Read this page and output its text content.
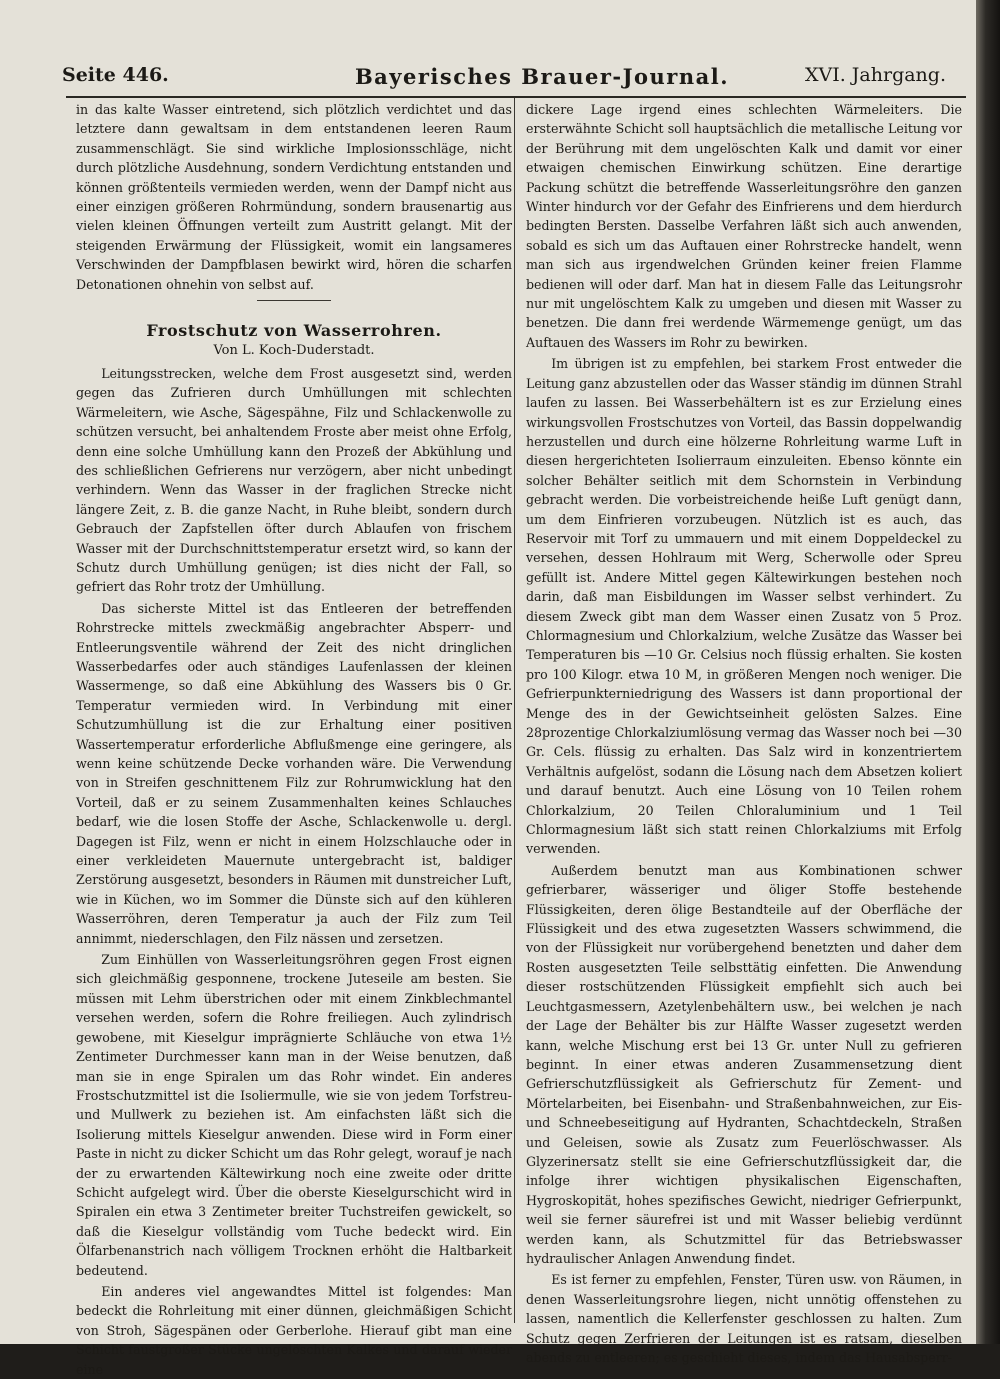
Seite 446.	Bayerisches Brauer-Journal.	XVI. Jahrgang.

in das kalte Wasser eintretend, sich plötzlich verdichtet und das letztere dann gewaltsam in dem entstandenen leeren Raum zusammenschlägt. Sie sind wirkliche Implosionsschläge, nicht durch plötzliche Ausdehnung, sondern Verdichtung entstanden und können größtenteils vermieden werden, wenn der Dampf nicht aus einer einzigen größeren Rohrmündung, sondern brausenartig aus vielen kleinen Öffnungen verteilt zum Austritt gelangt. Mit der steigenden Erwärmung der Flüssigkeit, womit ein langsameres Verschwinden der Dampfblasen bewirkt wird, hören die scharfen Detonationen ohnehin von selbst auf.

Frostschutz von Wasserrohren.
Von L. Koch-Duderstadt.

Leitungsstrecken, welche dem Frost ausgesetzt sind, werden gegen das Zufrieren durch Umhüllungen mit schlechten Wärmeleitern, wie Asche, Sägespähne, Filz und Schlackenwolle zu schützen versucht, bei anhaltendem Froste aber meist ohne Erfolg, denn eine solche Umhüllung kann den Prozeß der Abkühlung und des schließlichen Gefrierens nur verzögern, aber nicht unbedingt verhindern. Wenn das Wasser in der fraglichen Strecke nicht längere Zeit, z. B. die ganze Nacht, in Ruhe bleibt, sondern durch Gebrauch der Zapfstellen öfter durch Ablaufen von frischem Wasser mit der Durchschnittstemperatur ersetzt wird, so kann der Schutz durch Umhüllung genügen; ist dies nicht der Fall, so gefriert das Rohr trotz der Umhüllung.

Das sicherste Mittel ist das Entleeren der betreffenden Rohrstrecke mittels zweckmäßig angebrachter Absperr- und Entleerungsventile während der Zeit des nicht dringlichen Wasserbedarfes oder auch ständiges Laufenlassen der kleinen Wassermenge, so daß eine Abkühlung des Wassers bis 0 Gr. Temperatur vermieden wird. In Verbindung mit einer Schutzumhüllung ist die zur Erhaltung einer positiven Wassertemperatur erforderliche Abflußmenge eine geringere, als wenn keine schützende Decke vorhanden wäre. Die Verwendung von in Streifen geschnittenem Filz zur Rohrumwicklung hat den Vorteil, daß er zu seinem Zusammenhalten keines Schlauches bedarf, wie die losen Stoffe der Asche, Schlackenwolle u. dergl. Dagegen ist Filz, wenn er nicht in einem Holzschlauche oder in einer verkleideten Mauernute untergebracht ist, baldiger Zerstörung ausgesetzt, besonders in Räumen mit dunstreicher Luft, wie in Küchen, wo im Sommer die Dünste sich auf den kühleren Wasserröhren, deren Temperatur ja auch der Filz zum Teil annimmt, niederschlagen, den Filz nässen und zersetzen.

Zum Einhüllen von Wasserleitungsröhren gegen Frost eignen sich gleichmäßig gesponnene, trockene Juteseile am besten. Sie müssen mit Lehm überstrichen oder mit einem Zinkblechmantel versehen werden, sofern die Rohre freiliegen. Auch zylindrisch gewobene, mit Kieselgur imprägnierte Schläuche von etwa 1½ Zentimeter Durchmesser kann man in der Weise benutzen, daß man sie in enge Spiralen um das Rohr windet. Ein anderes Frostschutzmittel ist die Isoliermulle, wie sie von jedem Torfstreu- und Mullwerk zu beziehen ist. Am einfachsten läßt sich die Isolierung mittels Kieselgur anwenden. Diese wird in Form einer Paste in nicht zu dicker Schicht um das Rohr gelegt, worauf je nach der zu erwartenden Kältewirkung noch eine zweite oder dritte Schicht aufgelegt wird. Über die oberste Kieselgurschicht wird in Spiralen ein etwa 3 Zentimeter breiter Tuchstreifen gewickelt, so daß die Kieselgur vollständig vom Tuche bedeckt wird. Ein Ölfarbenanstrich nach völligem Trocknen erhöht die Haltbarkeit bedeutend.

Ein anderes viel angewandtes Mittel ist folgendes: Man bedeckt die Rohrleitung mit einer dünnen, gleichmäßigen Schicht von Stroh, Sägespänen oder Gerberlohe. Hierauf gibt man eine Schicht faustgroßer Stücke ungelöschten Kalkes und darauf wieder eine

dickere Lage irgend eines schlechten Wärmeleiters. Die ersterwähnte Schicht soll hauptsächlich die metallische Leitung vor der Berührung mit dem ungelöschten Kalk und damit vor einer etwaigen chemischen Einwirkung schützen. Eine derartige Packung schützt die betreffende Wasserleitungsröhre den ganzen Winter hindurch vor der Gefahr des Einfrierens und dem hierdurch bedingten Bersten. Dasselbe Verfahren läßt sich auch anwenden, sobald es sich um das Auftauen einer Rohrstrecke handelt, wenn man sich aus irgendwelchen Gründen keiner freien Flamme bedienen will oder darf. Man hat in diesem Falle das Leitungsrohr nur mit ungelöschtem Kalk zu umgeben und diesen mit Wasser zu benetzen. Die dann frei werdende Wärmemenge genügt, um das Auftauen des Wassers im Rohr zu bewirken.

Im übrigen ist zu empfehlen, bei starkem Frost entweder die Leitung ganz abzustellen oder das Wasser ständig im dünnen Strahl laufen zu lassen. Bei Wasserbehältern ist es zur Erzielung eines wirkungsvollen Frostschutzes von Vorteil, das Bassin doppelwandig herzustellen und durch eine hölzerne Rohrleitung warme Luft in diesen hergerichteten Isolierraum einzuleiten. Ebenso könnte ein solcher Behälter seitlich mit dem Schornstein in Verbindung gebracht werden. Die vorbeistreichende heiße Luft genügt dann, um dem Einfrieren vorzubeugen. Nützlich ist es auch, das Reservoir mit Torf zu ummauern und mit einem Doppeldeckel zu versehen, dessen Hohlraum mit Werg, Scherwolle oder Spreu gefüllt ist. Andere Mittel gegen Kältewirkungen bestehen noch darin, daß man Eisbildungen im Wasser selbst verhindert. Zu diesem Zweck gibt man dem Wasser einen Zusatz von 5 Proz. Chlormagnesium und Chlorkalzium, welche Zusätze das Wasser bei Temperaturen bis —10 Gr. Celsius noch flüssig erhalten. Sie kosten pro 100 Kilogr. etwa 10 M, in größeren Mengen noch weniger. Die Gefrierpunkterniedrigung des Wassers ist dann proportional der Menge des in der Gewichtseinheit gelösten Salzes. Eine 28prozentige Chlorkalziumlösung vermag das Wasser noch bei —30 Gr. Cels. flüssig zu erhalten. Das Salz wird in konzentriertem Verhältnis aufgelöst, sodann die Lösung nach dem Absetzen koliert und darauf benutzt. Auch eine Lösung von 10 Teilen rohem Chlorkalzium, 20 Teilen Chloraluminium und 1 Teil Chlormagnesium läßt sich statt reinen Chlorkalziums mit Erfolg verwenden.

Außerdem benutzt man aus Kombinationen schwer gefrierbarer, wässeriger und öliger Stoffe bestehende Flüssigkeiten, deren ölige Bestandteile auf der Oberfläche der Flüssigkeit und des etwa zugesetzten Wassers schwimmend, die von der Flüssigkeit nur vorübergehend benetzten und daher dem Rosten ausgesetzten Teile selbsttätig einfetten. Die Anwendung dieser rostschützenden Flüssigkeit empfiehlt sich auch bei Leuchtgasmessern, Azetylenbehältern usw., bei welchen je nach der Lage der Behälter bis zur Hälfte Wasser zugesetzt werden kann, welche Mischung erst bei 13 Gr. unter Null zu gefrieren beginnt. In einer etwas anderen Zusammensetzung dient Gefrierschutzflüssigkeit als Gefrierschutz für Zement- und Mörtelarbeiten, bei Eisenbahn- und Straßenbahnweichen, zur Eis- und Schneebeseitigung auf Hydranten, Schachtdeckeln, Straßen und Geleisen, sowie als Zusatz zum Feuerlöschwasser. Als Glyzerinersatz stellt sie eine Gefrierschutzflüssigkeit dar, die infolge ihrer wichtigen physikalischen Eigenschaften, Hygroskopität, hohes spezifisches Gewicht, niedriger Gefrierpunkt, weil sie ferner säurefrei ist und mit Wasser beliebig verdünnt werden kann, als Schutzmittel für das Betriebswasser hydraulischer Anlagen Anwendung findet.

Es ist ferner zu empfehlen, Fenster, Türen usw. von Räumen, in denen Wasserleitungsrohre liegen, nicht unnötig offenstehen zu lassen, namentlich die Kellerfenster geschlossen zu halten. Zum Schutz gegen Zerfrieren der Leitungen ist es ratsam, dieselben abends zu entleeren; es geschieht dieses, indem das Hausabsperr-
